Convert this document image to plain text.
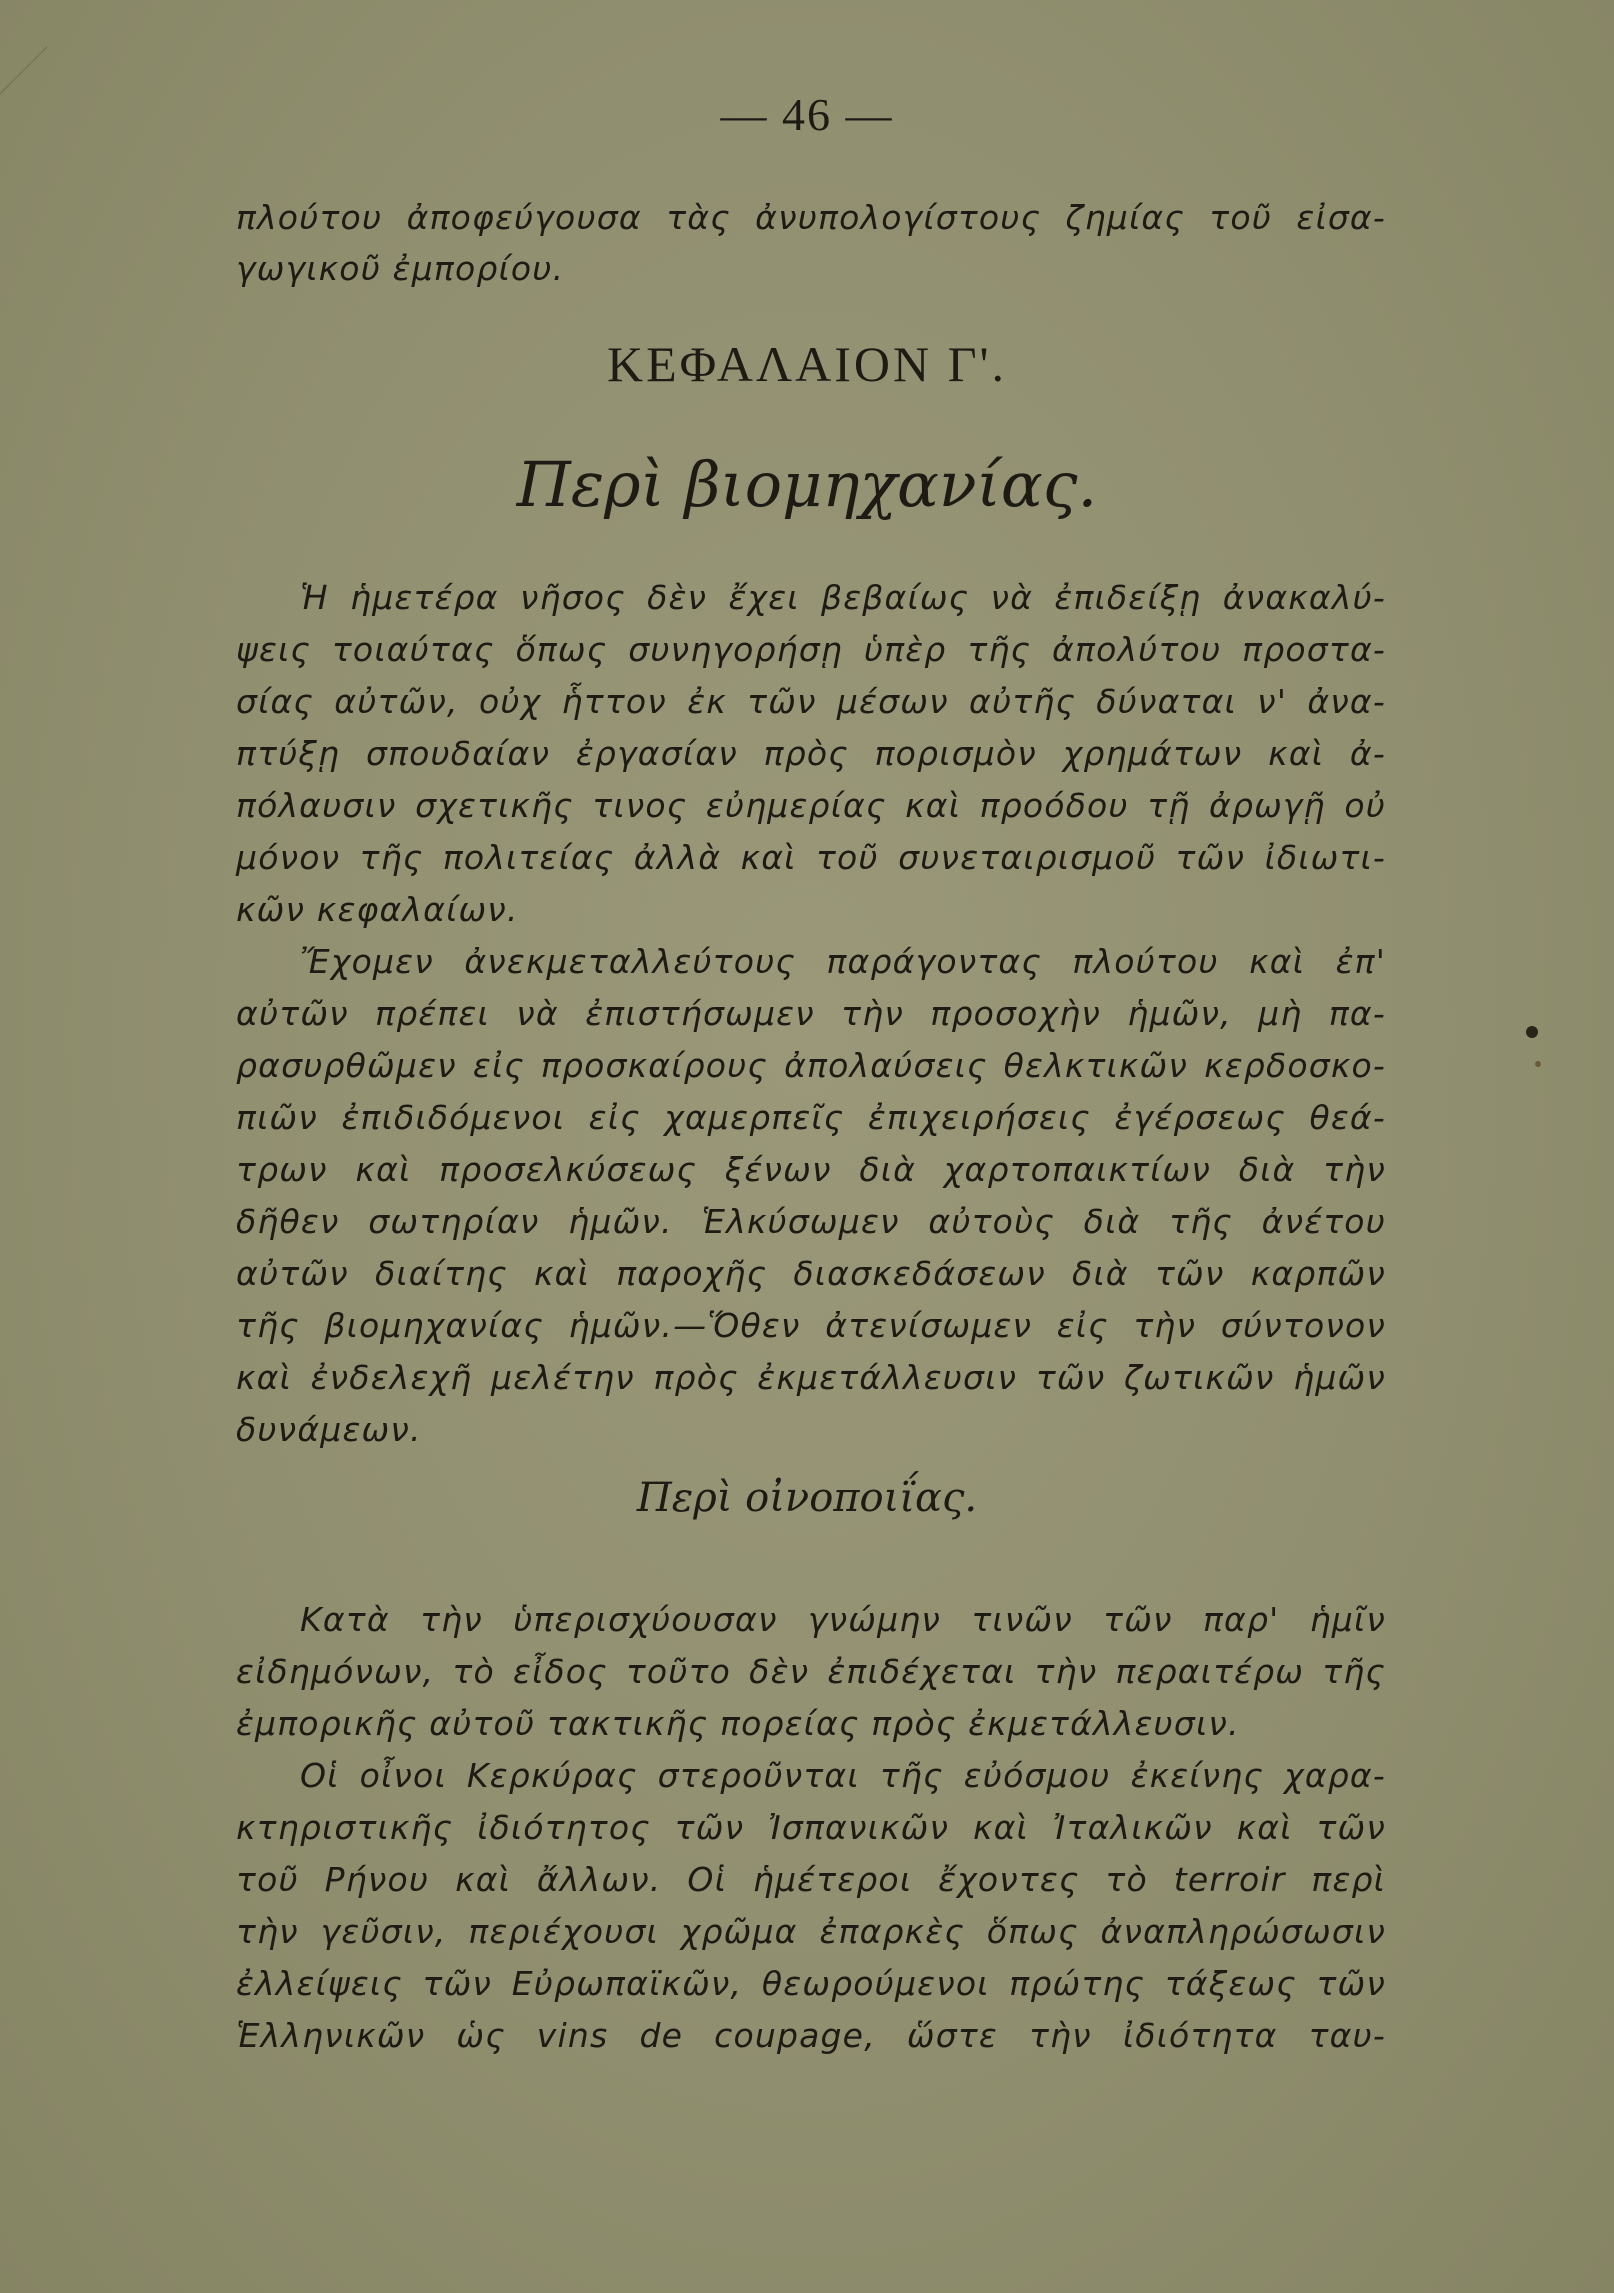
— 46 —
πλούτου ἀποφεύγουσα τὰς ἀνυπολογίστους ζημίας τοῦ εἰσα-
γωγικοῦ ἐμπορίου.
ΚΕΦΑΛΑΙΟΝ Γ'.
Περὶ βιομηχανίας.
Ἡ ἡμετέρα νῆσος δὲν ἔχει βεβαίως νὰ ἐπιδείξῃ ἀνακαλύ-
ψεις τοιαύτας ὅπως συνηγορήσῃ ὑπὲρ τῆς ἀπολύτου προστα-
σίας αὐτῶν, οὐχ ἧττον ἐκ τῶν μέσων αὐτῆς δύναται ν' ἀνα-
πτύξῃ σπουδαίαν ἐργασίαν πρὸς πορισμὸν χρημάτων καὶ ἀ-
πόλαυσιν σχετικῆς τινος εὐημερίας καὶ προόδου τῇ ἀρωγῇ οὐ
μόνον τῆς πολιτείας ἀλλὰ καὶ τοῦ συνεταιρισμοῦ τῶν ἰδιωτι-
κῶν κεφαλαίων.
Ἔχομεν ἀνεκμεταλλεύτους παράγοντας πλούτου καὶ ἐπ'
αὐτῶν πρέπει νὰ ἐπιστήσωμεν τὴν προσοχὴν ἡμῶν, μὴ πα-
ρασυρθῶμεν εἰς προσκαίρους ἀπολαύσεις θελκτικῶν κερδοσκο-
πιῶν ἐπιδιδόμενοι εἰς χαμερπεῖς ἐπιχειρήσεις ἐγέρσεως θεά-
τρων καὶ προσελκύσεως ξένων διὰ χαρτοπαικτίων διὰ τὴν
δῆθεν σωτηρίαν ἡμῶν. Ἑλκύσωμεν αὐτοὺς διὰ τῆς ἀνέτου
αὐτῶν διαίτης καὶ παροχῆς διασκεδάσεων διὰ τῶν καρπῶν
τῆς βιομηχανίας ἡμῶν.—Ὅθεν ἀτενίσωμεν εἰς τὴν σύντονον
καὶ ἐνδελεχῆ μελέτην πρὸς ἐκμετάλλευσιν τῶν ζωτικῶν ἡμῶν
δυνάμεων.
Περὶ οἰνοποιΐας.
Κατὰ τὴν ὑπερισχύουσαν γνώμην τινῶν τῶν παρ' ἡμῖν
εἰδημόνων, τὸ εἶδος τοῦτο δὲν ἐπιδέχεται τὴν περαιτέρω τῆς
ἐμπορικῆς αὐτοῦ τακτικῆς πορείας πρὸς ἐκμετάλλευσιν.
Οἱ οἶνοι Κερκύρας στεροῦνται τῆς εὐόσμου ἐκείνης χαρα-
κτηριστικῆς ἰδιότητος τῶν Ἰσπανικῶν καὶ Ἰταλικῶν καὶ τῶν
τοῦ Ρήνου καὶ ἄλλων. Οἱ ἡμέτεροι ἔχοντες τὸ terroir περὶ
τὴν γεῦσιν, περιέχουσι χρῶμα ἐπαρκὲς ὅπως ἀναπληρώσωσιν
ἐλλείψεις τῶν Εὐρωπαϊκῶν, θεωρούμενοι πρώτης τάξεως τῶν
Ἑλληνικῶν ὡς vins de coupage, ὥστε τὴν ἰδιότητα ταυ-
